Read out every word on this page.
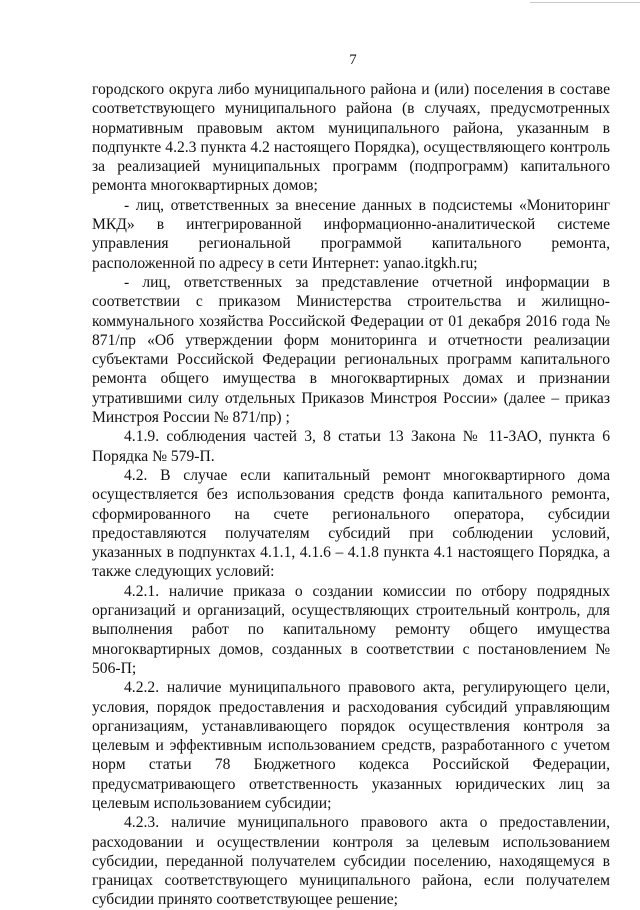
7

городского округа либо муниципального района и (или) поселения в составе соответствующего муниципального района (в случаях, предусмотренных нормативным правовым актом муниципального района, указанным в подпункте 4.2.3 пункта 4.2 настоящего Порядка), осуществляющего контроль за реализацией муниципальных программ (подпрограмм) капитального ремонта многоквартирных домов;

- лиц, ответственных за внесение данных в подсистемы «Мониторинг МКД» в интегрированной информационно-аналитической системе управления региональной программой капитального ремонта, расположенной по адресу в сети Интернет: yanao.itgkh.ru;

- лиц, ответственных за представление отчетной информации в соответствии с приказом Министерства строительства и жилищно-коммунального хозяйства Российской Федерации от 01 декабря 2016 года № 871/пр «Об утверждении форм мониторинга и отчетности реализации субъектами Российской Федерации региональных программ капитального ремонта общего имущества в многоквартирных домах и признании утратившими силу отдельных Приказов Минстроя России» (далее – приказ Минстроя России № 871/пр) ;

4.1.9. соблюдения частей 3, 8 статьи 13 Закона № 11-ЗАО, пункта 6 Порядка № 579-П.

4.2. В случае если капитальный ремонт многоквартирного дома осуществляется без использования средств фонда капитального ремонта, сформированного на счете регионального оператора, субсидии предоставляются получателям субсидий при соблюдении условий, указанных в подпунктах 4.1.1, 4.1.6 – 4.1.8 пункта 4.1 настоящего Порядка, а также следующих условий:

4.2.1. наличие приказа о создании комиссии по отбору подрядных организаций и организаций, осуществляющих строительный контроль, для выполнения работ по капитальному ремонту общего имущества многоквартирных домов, созданных в соответствии с постановлением № 506-П;

4.2.2. наличие муниципального правового акта, регулирующего цели, условия, порядок предоставления и расходования субсидий управляющим организациям, устанавливающего порядок осуществления контроля за целевым и эффективным использованием средств, разработанного с учетом норм статьи 78 Бюджетного кодекса Российской Федерации, предусматривающего ответственность указанных юридических лиц за целевым использованием субсидии;

4.2.3. наличие муниципального правового акта о предоставлении, расходовании и осуществлении контроля за целевым использованием субсидии, переданной получателем субсидии поселению, находящемуся в границах соответствующего муниципального района, если получателем субсидии принято соответствующее решение;
